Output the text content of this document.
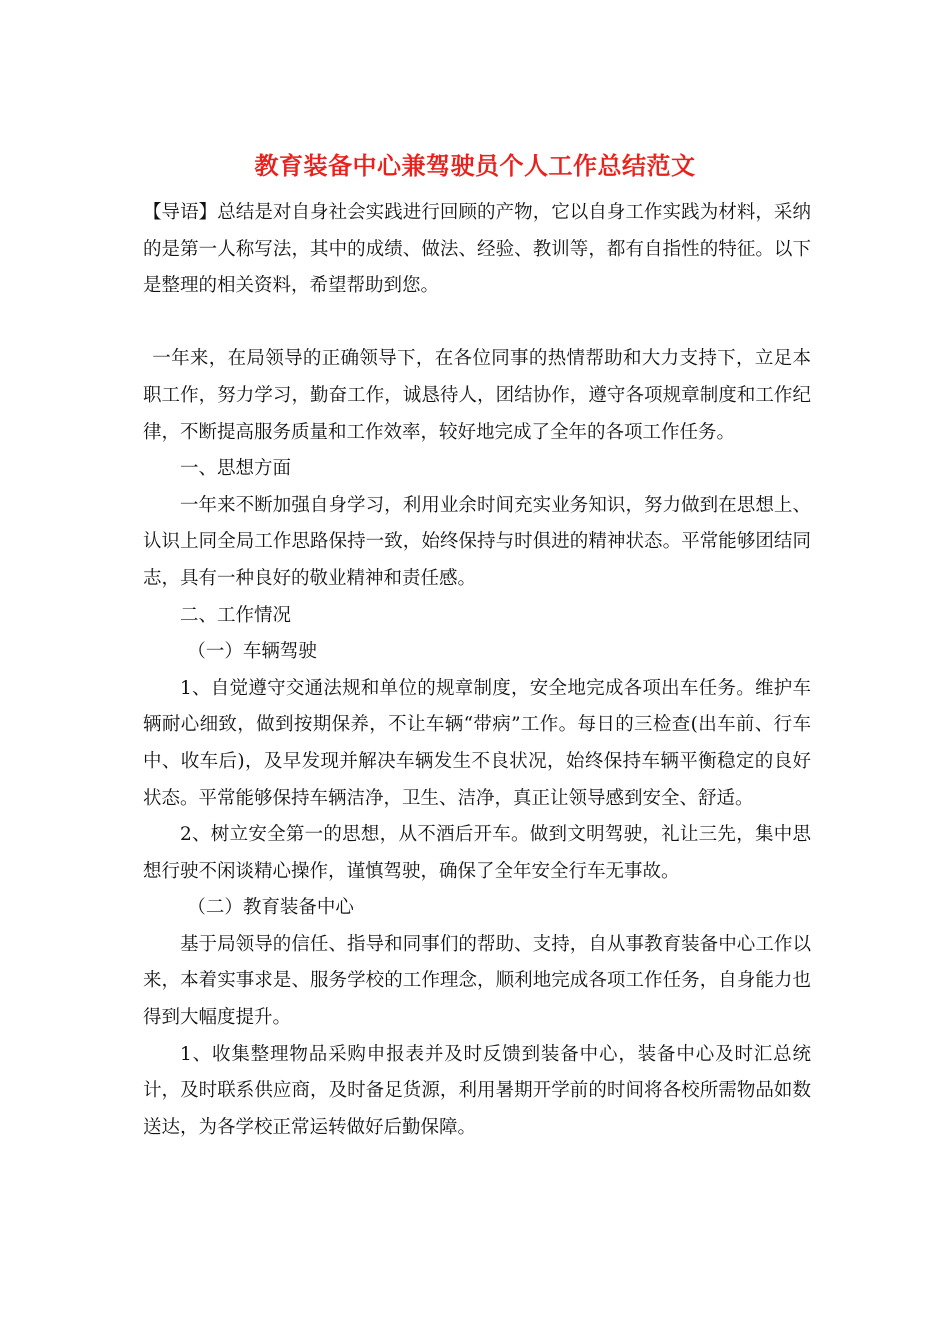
教育装备中心兼驾驶员个人工作总结范文

【导语】总结是对自身社会实践进行回顾的产物，它以自身工作实践为材料，采纳的是第一人称写法，其中的成绩、做法、经验、教训等，都有自指性的特征。以下是整理的相关资料，希望帮助到您。

一年来，在局领导的正确领导下，在各位同事的热情帮助和大力支持下，立足本职工作，努力学习，勤奋工作，诚恳待人，团结协作，遵守各项规章制度和工作纪律，不断提高服务质量和工作效率，较好地完成了全年的各项工作任务。

一、思想方面

一年来不断加强自身学习，利用业余时间充实业务知识，努力做到在思想上、认识上同全局工作思路保持一致，始终保持与时俱进的精神状态。平常能够团结同志，具有一种良好的敬业精神和责任感。

二、工作情况

（一）车辆驾驶

1、自觉遵守交通法规和单位的规章制度，安全地完成各项出车任务。维护车辆耐心细致，做到按期保养，不让车辆“带病”工作。每日的三检查(出车前、行车中、收车后)，及早发现并解决车辆发生不良状况，始终保持车辆平衡稳定的良好状态。平常能够保持车辆洁净，卫生、洁净，真正让领导感到安全、舒适。

2、树立安全第一的思想，从不酒后开车。做到文明驾驶，礼让三先，集中思想行驶不闲谈精心操作，谨慎驾驶，确保了全年安全行车无事故。

（二）教育装备中心

基于局领导的信任、指导和同事们的帮助、支持，自从事教育装备中心工作以来，本着实事求是、服务学校的工作理念，顺利地完成各项工作任务，自身能力也得到大幅度提升。

1、收集整理物品采购申报表并及时反馈到装备中心，装备中心及时汇总统计，及时联系供应商，及时备足货源，利用暑期开学前的时间将各校所需物品如数送达，为各学校正常运转做好后勤保障。
